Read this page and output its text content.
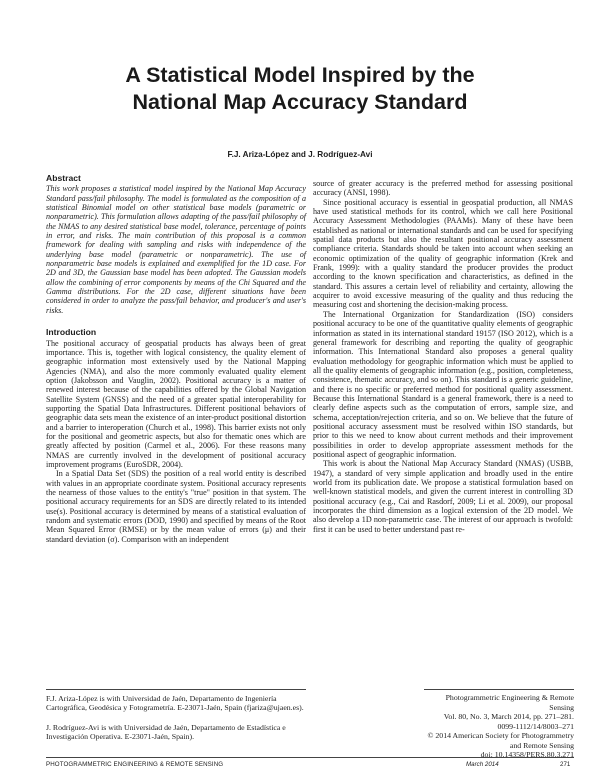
A Statistical Model Inspired by the
National Map Accuracy Standard
F.J. Ariza-López and J. Rodríguez-Avi
Abstract

This work proposes a statistical model inspired by the National Map Accuracy Standard pass/fail philosophy. The model is formulated as the composition of a statistical Binomial model on other statistical base models (parametric or nonparametric). This formulation allows adapting of the pass/fail philosophy of the NMAS to any desired statistical base model, tolerance, percentage of points in error, and risks. The main contribution of this proposal is a common framework for dealing with sampling and risks with independence of the underlying base model (parametric or nonparametric). The use of nonparametric base models is explained and exemplified for the 1D case. For 2D and 3D, the Gaussian base model has been adopted. The Gaussian models allow the combining of error components by means of the Chi Squared and the Gamma distributions. For the 2D case, different situations have been considered in order to analyze the pass/fail behavior, and producer's and user's risks.

Introduction

The positional accuracy of geospatial products has always been of great importance. This is, together with logical consistency, the quality element of geographic information most extensively used by the National Mapping Agencies (NMA), and also the more commonly evaluated quality element option (Jakobsson and Vauglin, 2002). Positional accuracy is a matter of renewed interest because of the capabilities offered by the Global Navigation Satellite System (GNSS) and the need of a greater spatial interoperability for supporting the Spatial Data Infrastructures. Different positional behaviors of geographic data sets mean the existence of an inter-product positional distortion and a barrier to interoperation (Church et al., 1998). This barrier exists not only for the positional and geometric aspects, but also for thematic ones which are greatly affected by position (Carmel et al., 2006). For these reasons many NMAS are currently involved in the development of positional accuracy improvement programs (EuroSDR, 2004).

In a Spatial Data Set (SDS) the position of a real world entity is described with values in an appropriate coordinate system. Positional accuracy represents the nearness of those values to the entity's "true" position in that system. The positional accuracy requirements for an SDS are directly related to its intended use(s). Positional accuracy is determined by means of a statistical evaluation of random and systematic errors (DOD, 1990) and specified by means of the Root Mean Squared Error (RMSE) or by the mean value of errors (μ) and their standard deviation (σ). Comparison with an independent

source of greater accuracy is the preferred method for assessing positional accuracy (ANSI, 1998).

Since positional accuracy is essential in geospatial production, all NMAS have used statistical methods for its control, which we call here Positional Accuracy Assessment Methodologies (PAAMs). Many of these have been established as national or international standards and can be used for specifying spatial data products but also the resultant positional accuracy assessment compliance criteria. Standards should be taken into account when seeking an economic optimization of the quality of geographic information (Krek and Frank, 1999): with a quality standard the producer provides the product according to the known specification and characteristics, as defined in the standard. This assures a certain level of reliability and certainty, allowing the acquirer to avoid excessive measuring of the quality and thus reducing the measuring cost and shortening the decision-making process.

The International Organization for Standardization (ISO) considers positional accuracy to be one of the quantitative quality elements of geographic information as stated in its international standard 19157 (ISO 2012), which is a general framework for describing and reporting the quality of geographic information. This International Standard also proposes a general quality evaluation methodology for geographic information which must be applied to all the quality elements of geographic information (e.g., position, completeness, consistence, thematic accuracy, and so on). This standard is a generic guideline, and there is no specific or preferred method for positional quality assessment. Because this International Standard is a general framework, there is a need to clearly define aspects such as the computation of errors, sample size, and schema, acceptation/rejection criteria, and so on. We believe that the future of positional accuracy assessment must be resolved within ISO standards, but prior to this we need to know about current methods and their improvement possibilities in order to develop appropriate assessment methods for the positional aspect of geographic information.

This work is about the National Map Accuracy Standard (NMAS) (USBB, 1947), a standard of very simple application and broadly used in the entire world from its publication date. We propose a statistical formulation based on well-known statistical models, and given the current interest in controlling 3D positional accuracy (e.g., Cai and Rasdorf, 2009; Li et al. 2009), our proposal incorporates the third dimension as a logical extension of the 2D model. We also develop a 1D non-parametric case. The interest of our approach is twofold: first it can be used to better understand past re-

F.J. Ariza-López is with Universidad de Jaén, Departamento de Ingeniería Cartográfica, Geodésica y Fotogrametría. E-23071-Jaén, Spain (fjariza@ujaen.es).

J. Rodríguez-Avi is with Universidad de Jaén, Departamento de Estadística e Investigación Operativa. E-23071-Jaén, Spain).

Photogrammetric Engineering & Remote Sensing
Vol. 80, No. 3, March 2014, pp. 271–281.
0099-1112/14/8003–271
© 2014 American Society for Photogrammetry
and Remote Sensing
doi: 10.14358/PERS.80.3.271
PHOTOGRAMMETRIC ENGINEERING & REMOTE SENSING	March 2014	271
